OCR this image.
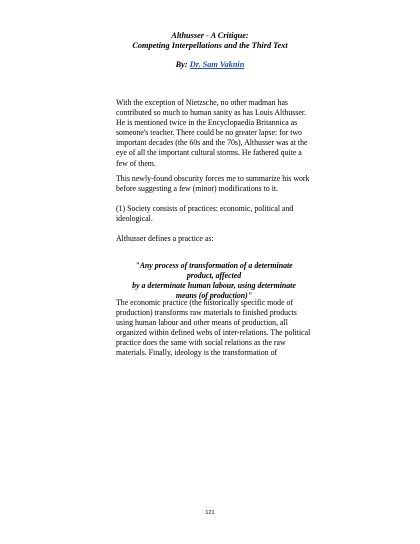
Althusser - A Critique:
Competing Interpellations and the Third Text
By: Dr. Sam Vaknin

With the exception of Nietzsche, no other madman has contributed so much to human sanity as has Louis Althusser. He is mentioned twice in the Encyclopaedia Britannica as someone's teacher. There could be no greater lapse: for two important decades (the 60s and the 70s), Althusser was at the eye of all the important cultural storms. He fathered quite a few of them.

This newly-found obscurity forces me to summarize his work before suggesting a few (minor) modifications to it.

(1) Society consists of practices: economic, political and ideological.

Althusser defines a practice as:

"Any process of transformation of a determinate
product, affected
by a determinate human labour, using determinate
means (of production)"

The economic practice (the historically specific mode of production) transforms raw materials to finished products using human labour and other means of production, all organized within defined webs of inter-relations. The political practice does the same with social relations as the raw materials. Finally, ideology is the transformation of

121
